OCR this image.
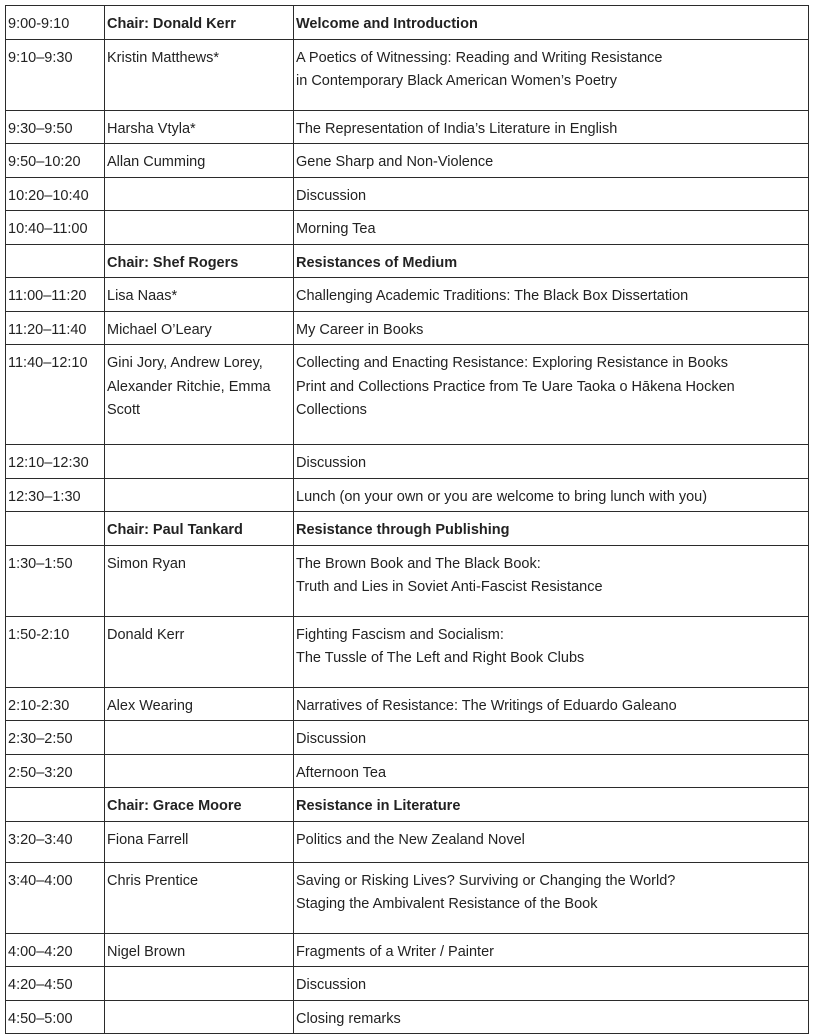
9:00-9:10	Chair: Donald Kerr	Welcome and Introduction

9:10–9:30	Kristin Matthews*	A Poetics of Witnessing: Reading and Writing Resistance
in Contemporary Black American Women’s Poetry

9:30–9:50	Harsha Vtyla*	The Representation of India’s Literature in English

9:50–10:20	Allan Cumming	Gene Sharp and Non-Violence

10:20–10:40		Discussion

10:40–11:00		Morning Tea

	Chair: Shef Rogers	Resistances of Medium

11:00–11:20	Lisa Naas*	Challenging Academic Traditions: The Black Box Dissertation

11:20–11:40	Michael O’Leary	My Career in Books

11:40–12:10	Gini Jory, Andrew Lorey,
Alexander Ritchie, Emma
Scott	Collecting and Enacting Resistance: Exploring Resistance in Books
Print and Collections Practice from Te Uare Taoka o Hākena Hocken
Collections

12:10–12:30		Discussion

12:30–1:30		Lunch (on your own or you are welcome to bring lunch with you)

	Chair: Paul Tankard	Resistance through Publishing

1:30–1:50	Simon Ryan	The Brown Book and The Black Book:
Truth and Lies in Soviet Anti-Fascist Resistance

1:50-2:10	Donald Kerr	Fighting Fascism and Socialism:
The Tussle of The Left and Right Book Clubs

2:10-2:30	Alex Wearing	Narratives of Resistance: The Writings of Eduardo Galeano

2:30–2:50		Discussion

2:50–3:20		Afternoon Tea

	Chair: Grace Moore	Resistance in Literature

3:20–3:40	Fiona Farrell	Politics and the New Zealand Novel

3:40–4:00	Chris Prentice	Saving or Risking Lives? Surviving or Changing the World?
Staging the Ambivalent Resistance of the Book

4:00–4:20	Nigel Brown	Fragments of a Writer / Painter

4:20–4:50		Discussion

4:50–5:00		Closing remarks
